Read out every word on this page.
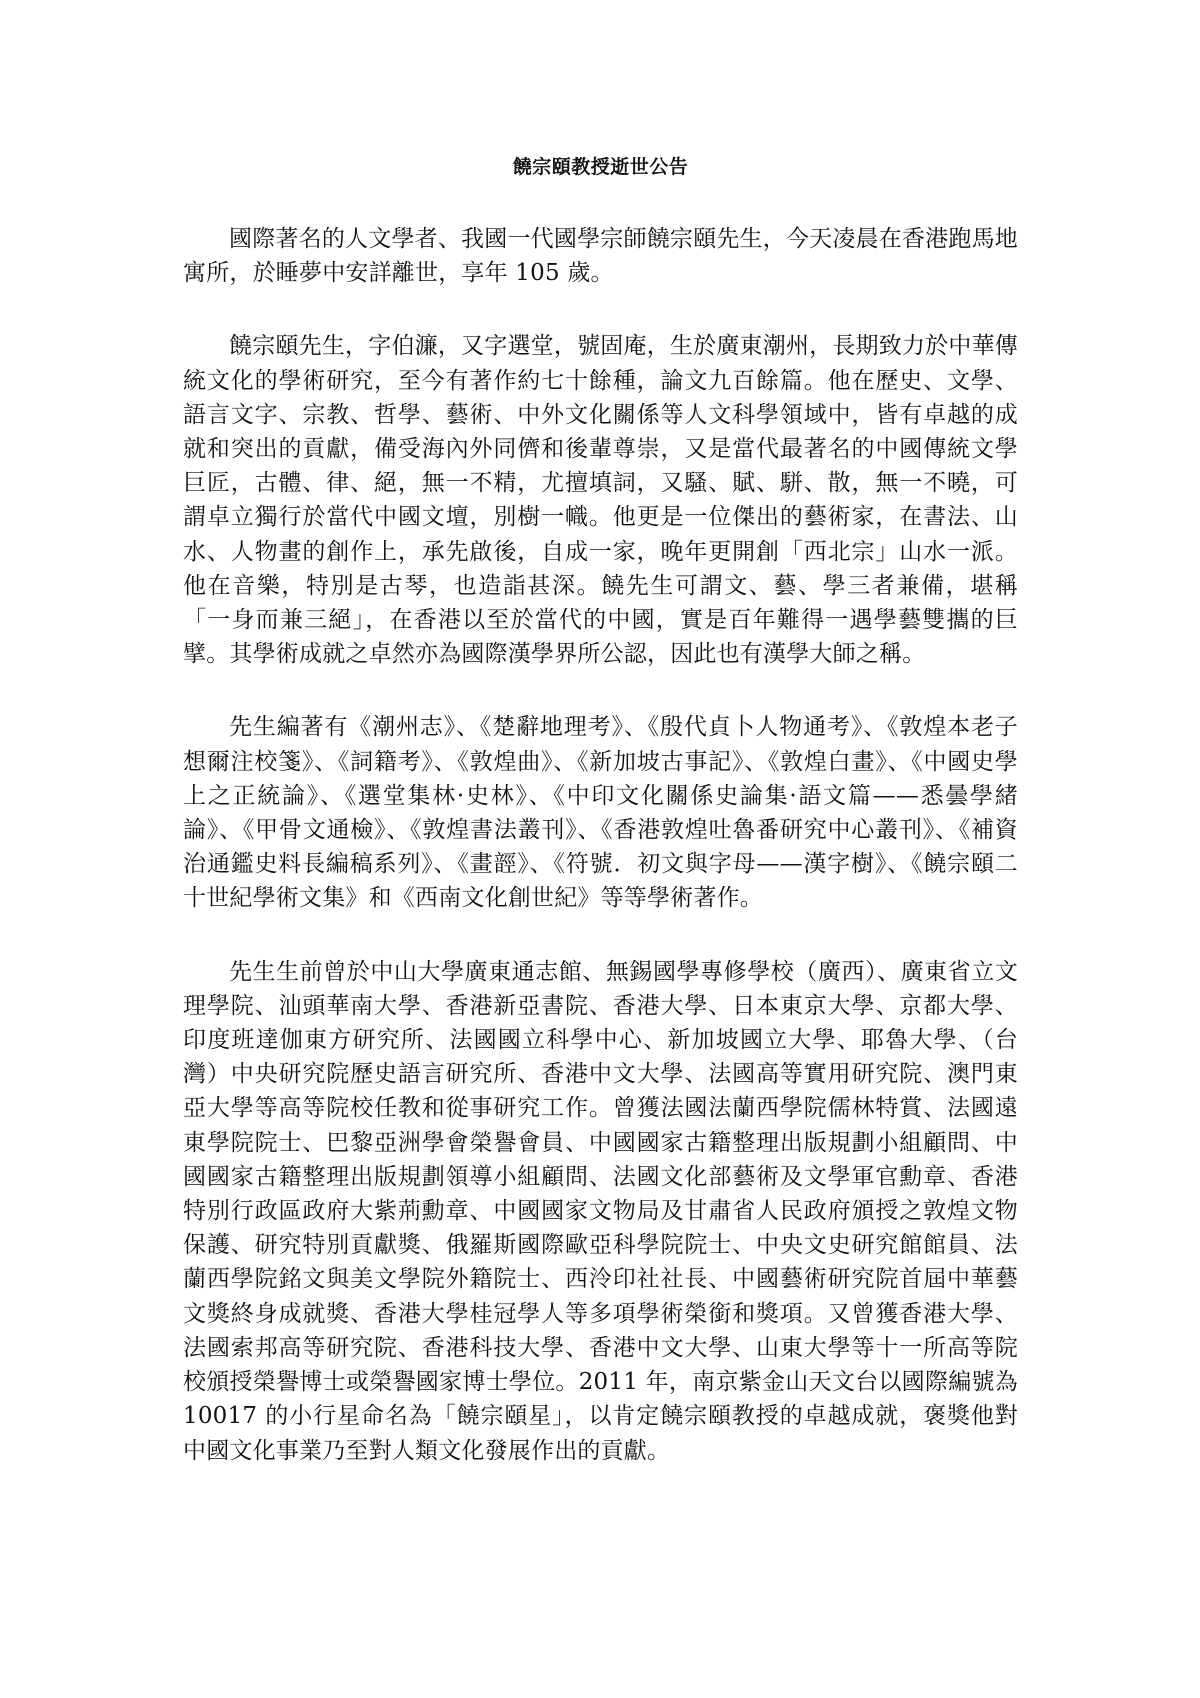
饒宗頤教授逝世公告

國際著名的人文學者、我國一代國學宗師饒宗頤先生，今天凌晨在香港跑馬地寓所，於睡夢中安詳離世，享年 105 歲。

饒宗頤先生，字伯濂，又字選堂，號固庵，生於廣東潮州，長期致力於中華傳統文化的學術研究，至今有著作約七十餘種，論文九百餘篇。他在歷史、文學、語言文字、宗教、哲學、藝術、中外文化關係等人文科學領域中，皆有卓越的成就和突出的貢獻，備受海內外同儕和後輩尊崇，又是當代最著名的中國傳統文學巨匠，古體、律、絕，無一不精，尤擅填詞，又騷、賦、駢、散，無一不曉，可謂卓立獨行於當代中國文壇，別樹一幟。他更是一位傑出的藝術家，在書法、山水、人物畫的創作上，承先啟後，自成一家，晚年更開創「西北宗」山水一派。他在音樂，特別是古琴，也造詣甚深。饒先生可謂文、藝、學三者兼備，堪稱「一身而兼三絕」，在香港以至於當代的中國，實是百年難得一遇學藝雙攜的巨擘。其學術成就之卓然亦為國際漢學界所公認，因此也有漢學大師之稱。

先生編著有《潮州志》、《楚辭地理考》、《殷代貞卜人物通考》、《敦煌本老子想爾注校箋》、《詞籍考》、《敦煌曲》、《新加坡古事記》、《敦煌白畫》、《中國史學上之正統論》、《選堂集林·史林》、《中印文化關係史論集·語文篇——悉曇學緒論》、《甲骨文通檢》、《敦煌書法叢刊》、《香港敦煌吐魯番研究中心叢刊》、《補資治通鑑史料長編稿系列》、《畫䪫》、《符號．初文與字母——漢字樹》、《饒宗頤二十世紀學術文集》和《西南文化創世紀》等等學術著作。

先生生前曾於中山大學廣東通志館、無錫國學專修學校（廣西）、廣東省立文理學院、汕頭華南大學、香港新亞書院、香港大學、日本東京大學、京都大學、印度班達伽東方研究所、法國國立科學中心、新加坡國立大學、耶魯大學、（台灣）中央研究院歷史語言研究所、香港中文大學、法國高等實用研究院、澳門東亞大學等高等院校任教和從事研究工作。曾獲法國法蘭西學院儒林特賞、法國遠東學院院士、巴黎亞洲學會榮譽會員、中國國家古籍整理出版規劃小組顧問、中國國家古籍整理出版規劃領導小組顧問、法國文化部藝術及文學軍官勳章、香港特別行政區政府大紫荊勳章、中國國家文物局及甘肅省人民政府頒授之敦煌文物保護、研究特別貢獻獎、俄羅斯國際歐亞科學院院士、中央文史研究館館員、法蘭西學院銘文與美文學院外籍院士、西泠印社社長、中國藝術研究院首屆中華藝文獎終身成就獎、香港大學桂冠學人等多項學術榮銜和獎項。又曾獲香港大學、法國索邦高等研究院、香港科技大學、香港中文大學、山東大學等十一所高等院校頒授榮譽博士或榮譽國家博士學位。2011 年，南京紫金山天文台以國際編號為 10017 的小行星命名為「饒宗頤星」，以肯定饒宗頤教授的卓越成就，褒獎他對中國文化事業乃至對人類文化發展作出的貢獻。
